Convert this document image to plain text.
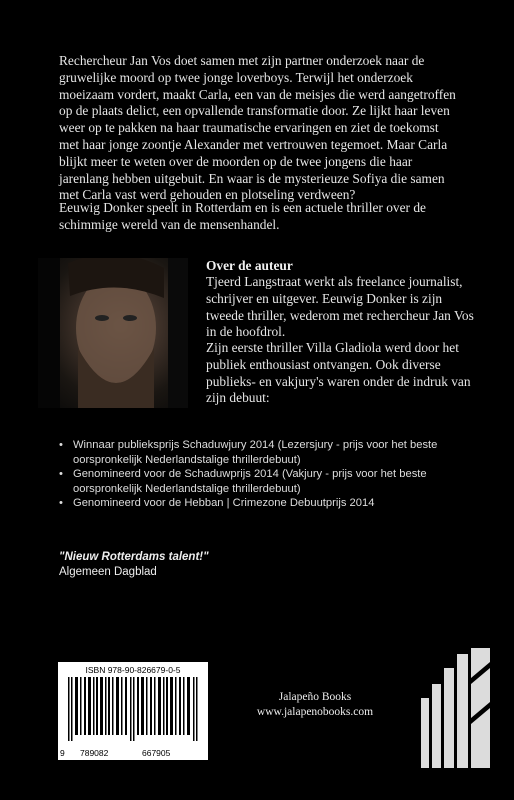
Rechercheur Jan Vos doet samen met zijn partner onderzoek naar de gruwelijke moord op twee jonge loverboys. Terwijl het onderzoek moeizaam vordert, maakt Carla, een van de meisjes die werd aangetroffen op de plaats delict, een opvallende transformatie door. Ze lijkt haar leven weer op te pakken na haar traumatische ervaringen en ziet de toekomst met haar jonge zoontje Alexander met vertrouwen tegemoet. Maar Carla blijkt meer te weten over de moorden op de twee jongens die haar jarenlang hebben uitgebuit. En waar is de mysterieuze Sofiya die samen met Carla vast werd gehouden en plotseling verdween?
Eeuwig Donker speelt in Rotterdam en is een actuele thriller over de schimmige wereld van de mensenhandel.
Over de auteur
Tjeerd Langstraat werkt als freelance journalist, schrijver en uitgever. Eeuwig Donker is zijn tweede thriller, wederom met rechercheur Jan Vos in de hoofdrol.
Zijn eerste thriller Villa Gladiola werd door het publiek enthousiast ontvangen. Ook diverse publieks- en vakjury's waren onder de indruk van zijn debuut:
• Winnaar publieksprijs Schaduwjury 2014 (Lezersjury - prijs voor het beste oorspronkelijk Nederlandstalige thrillerdebuut)
• Genomineerd voor de Schaduwprijs 2014 (Vakjury - prijs voor het beste oorspronkelijk Nederlandstalige thrillerdebuut)
• Genomineerd voor de Hebban | Crimezone Debuutprijs 2014
"Nieuw Rotterdams talent!"
Algemeen Dagblad
ISBN 978-90-826679-0-5
9 789082	667905
Jalapeño Books
www.jalapenobooks.com
